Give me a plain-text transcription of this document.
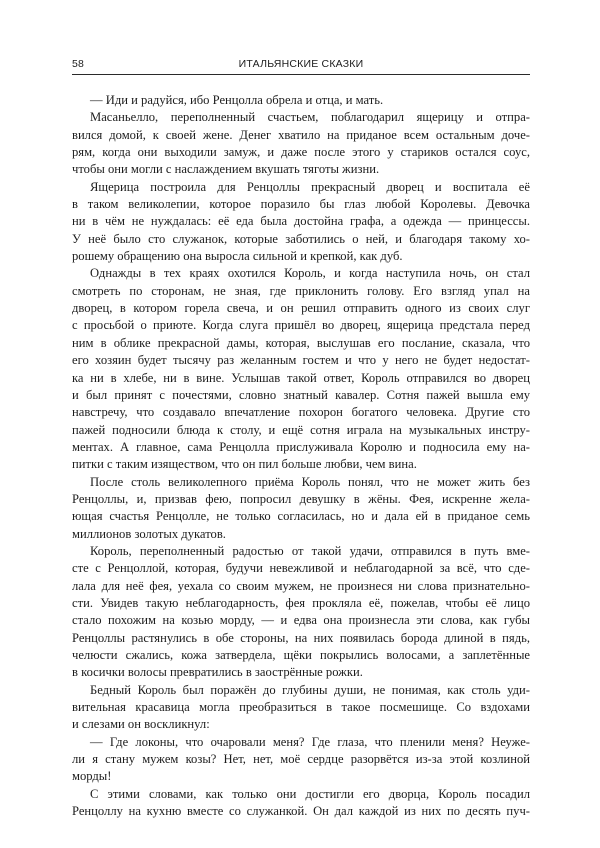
58	ИТАЛЬЯНСКИЕ СКАЗКИ
— Иди и радуйся, ибо Ренцолла обрела и отца, и мать.
Масаньелло, переполненный счастьем, поблагодарил ящерицу и отпра-
вился домой, к своей жене. Денег хватило на приданое всем остальным доче-
рям, когда они выходили замуж, и даже после этого у стариков остался соус,
чтобы они могли с наслаждением вкушать тяготы жизни.
Ящерица построила для Ренцоллы прекрасный дворец и воспитала её
в таком великолепии, которое поразило бы глаз любой Королевы. Девочка
ни в чём не нуждалась: её еда была достойна графа, а одежда — принцессы.
У неё было сто служанок, которые заботились о ней, и благодаря такому хо-
рошему обращению она выросла сильной и крепкой, как дуб.
Однажды в тех краях охотился Король, и когда наступила ночь, он стал
смотреть по сторонам, не зная, где приклонить голову. Его взгляд упал на
дворец, в котором горела свеча, и он решил отправить одного из своих слуг
с просьбой о приюте. Когда слуга пришёл во дворец, ящерица предстала перед
ним в облике прекрасной дамы, которая, выслушав его послание, сказала, что
его хозяин будет тысячу раз желанным гостем и что у него не будет недостат-
ка ни в хлебе, ни в вине. Услышав такой ответ, Король отправился во дворец
и был принят с почестями, словно знатный кавалер. Сотня пажей вышла ему
навстречу, что создавало впечатление похорон богатого человека. Другие сто
пажей подносили блюда к столу, и ещё сотня играла на музыкальных инстру-
ментах. А главное, сама Ренцолла прислуживала Королю и подносила ему на-
питки с таким изяществом, что он пил больше любви, чем вина.
После столь великолепного приёма Король понял, что не может жить без
Ренцоллы, и, призвав фею, попросил девушку в жёны. Фея, искренне жела-
ющая счастья Ренцолле, не только согласилась, но и дала ей в приданое семь
миллионов золотых дукатов.
Король, переполненный радостью от такой удачи, отправился в путь вме-
сте с Ренцоллой, которая, будучи невежливой и неблагодарной за всё, что сде-
лала для неё фея, уехала со своим мужем, не произнеся ни слова признательно-
сти. Увидев такую неблагодарность, фея прокляла её, пожелав, чтобы её лицо
стало похожим на козью морду, — и едва она произнесла эти слова, как губы
Ренцоллы растянулись в обе стороны, на них появилась борода длиной в пядь,
челюсти сжались, кожа затвердела, щёки покрылись волосами, а заплетённые
в косички волосы превратились в заострённые рожки.
Бедный Король был поражён до глубины души, не понимая, как столь уди-
вительная красавица могла преобразиться в такое посмешище. Со вздохами
и слезами он воскликнул:
— Где локоны, что очаровали меня? Где глаза, что пленили меня? Неуже-
ли я стану мужем козы? Нет, нет, моё сердце разорвётся из-за этой козлиной
морды!
С этими словами, как только они достигли его дворца, Король посадил
Ренцоллу на кухню вместе со служанкой. Он дал каждой из них по десять пуч-
